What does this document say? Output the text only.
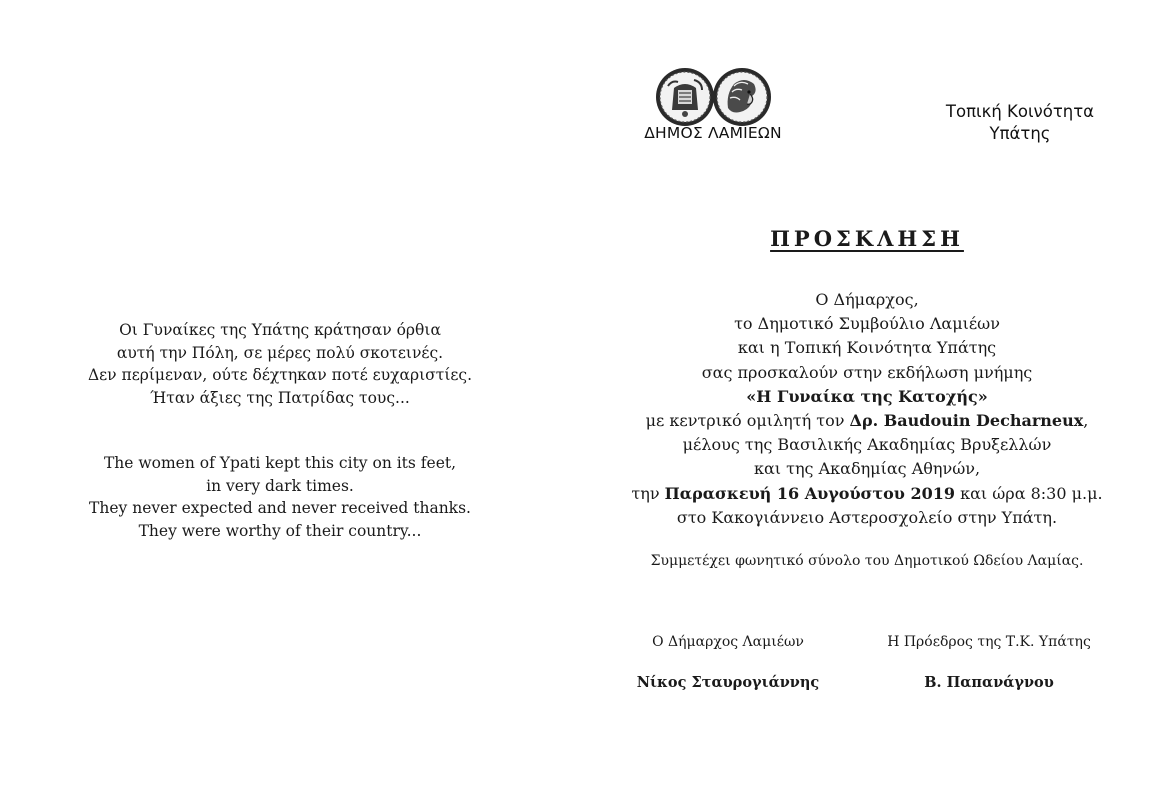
Οι Γυναίκες της Υπάτης κράτησαν όρθια
αυτή την Πόλη, σε μέρες πολύ σκοτεινές.
Δεν περίμεναν, ούτε δέχτηκαν ποτέ ευχαριστίες.
Ήταν άξιες της Πατρίδας τους...
The women of Ypati kept this city on its feet,
in very dark times.
They never expected and never received thanks.
They were worthy of their country...
ΔΗΜΟΣ ΛΑΜΙΕΩΝ
Τοπική Κοινότητα
Υπάτης
ΠΡΟΣΚΛΗΣΗ
Ο Δήμαρχος,
το Δημοτικό Συμβούλιο Λαμιέων
και η Τοπική Κοινότητα Υπάτης
σας προσκαλούν στην εκδήλωση μνήμης
«Η Γυναίκα της Κατοχής»
με κεντρικό ομιλητή τον Δρ. Baudouin Decharneux,
μέλους της Βασιλικής Ακαδημίας Βρυξελλών
και της Ακαδημίας Αθηνών,
την Παρασκευή 16 Αυγούστου 2019 και ώρα 8:30 μ.μ.
στο Κακογιάννειο Αστεροσχολείο στην Υπάτη.
Συμμετέχει φωνητικό σύνολο του Δημοτικού Ωδείου Λαμίας.
Ο Δήμαρχος Λαμιέων	Η Πρόεδρος της Τ.Κ. Υπάτης
Νίκος Σταυρογιάννης	Β. Παπανάγνου
